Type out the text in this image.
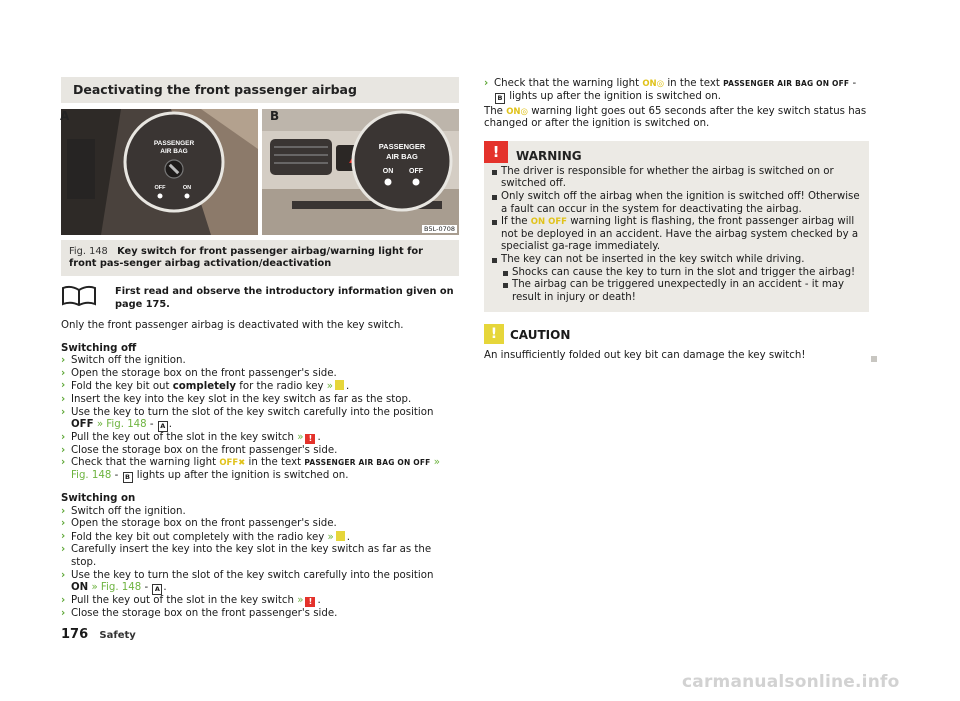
Deactivating the front passenger airbag
PASSENGER
AIR BAG
OFF	ON
A
PASSENGER
AIR BAG
ON OFF
B5L-0708
B
Fig. 148 Key switch for front passenger airbag/warning light for front pas-senger airbag activation/deactivation
First read and observe the introductory information given on page 175.

Only the front passenger airbag is deactivated with the key switch.

Switching off

› Switch off the ignition.
› Open the storage box on the front passenger's side.
› Fold the key bit out completely for the radio key » .
› Insert the key into the key slot in the key switch as far as the stop.
› Use the key to turn the slot of the key switch carefully into the position
OFF » Fig. 148 - A .
› Pull the key out of the slot in the key switch » ! .
› Close the storage box on the front passenger's side.
› Check that the warning light OFF✖ in the text PASSENGER AIR BAG ON OFF » Fig. 148 - B lights up after the ignition is switched on.

Switching on

› Switch off the ignition.
› Open the storage box on the front passenger's side.
› Fold the key bit out completely with the radio key » .
› Carefully insert the key into the key slot in the key switch as far as the stop.
› Use the key to turn the slot of the key switch carefully into the position
ON » Fig. 148 - A .
› Pull the key out of the slot in the key switch » ! .
› Close the storage box on the front passenger's side.
› Check that the warning light ON◎ in the text PASSENGER AIR BAG ON OFF - B lights up after the ignition is switched on.

The ON◎ warning light goes out 65 seconds after the key switch status has changed or after the ignition is switched on.

!	WARNING
The driver is responsible for whether the airbag is switched on or switched off.
Only switch off the airbag when the ignition is switched off! Otherwise a fault can occur in the system for deactivating the airbag.
If the ON OFF warning light is flashing, the front passenger airbag will not be deployed in an accident. Have the airbag system checked by a specialist ga-rage immediately.
The key can not be inserted in the key switch while driving.
Shocks can cause the key to turn in the slot and trigger the airbag!
The airbag can be triggered unexpectedly in an accident - it may result in injury or death!
!	CAUTION
An insufficiently folded out key bit can damage the key switch!
176 Safety
carmanualsonline.info
